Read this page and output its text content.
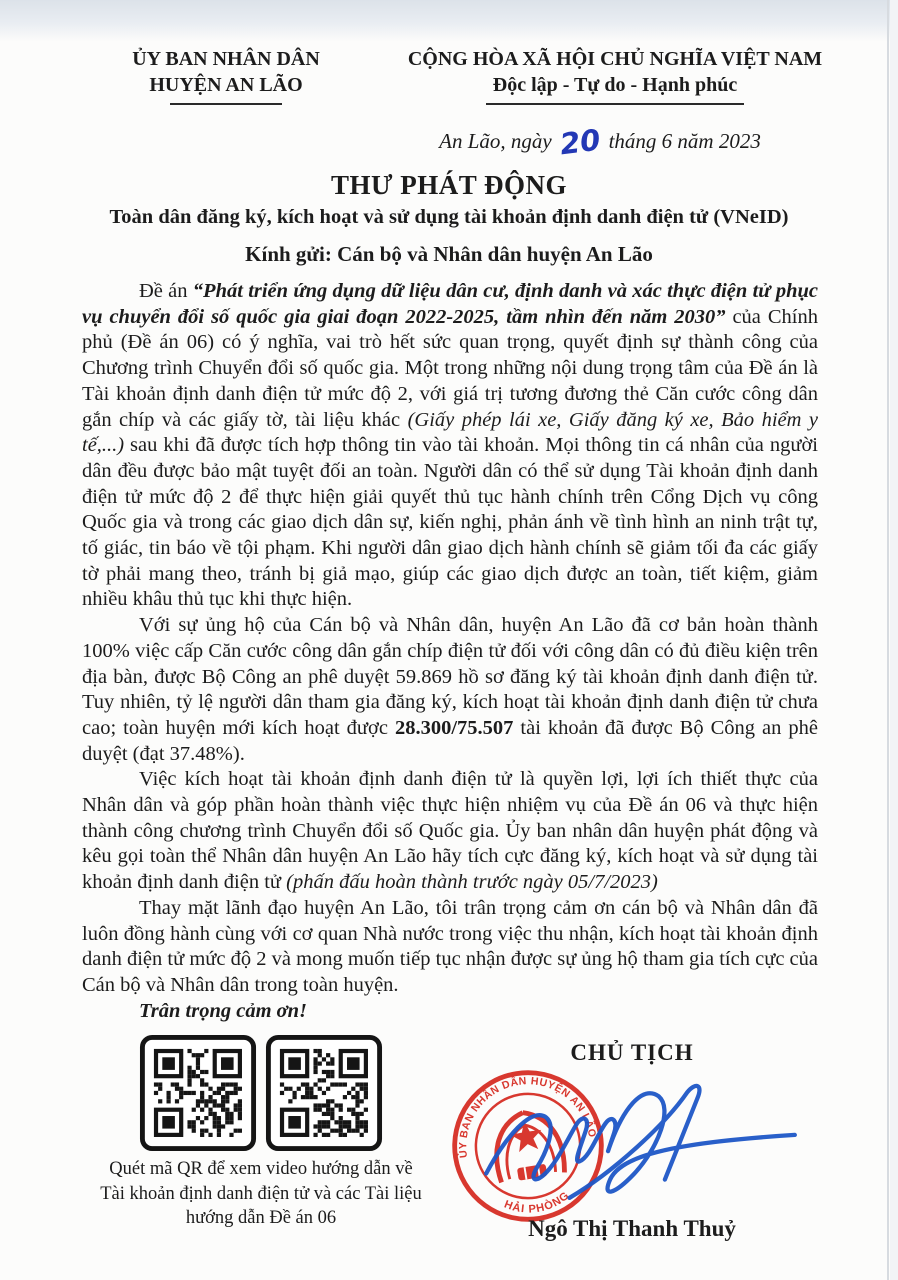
ỦY BAN NHÂN DÂN
HUYỆN AN LÃO
CỘNG HÒA XÃ HỘI CHỦ NGHĨA VIỆT NAM
Độc lập - Tự do - Hạnh phúc
An Lão, ngày 20 tháng 6 năm 2023
THƯ PHÁT ĐỘNG
Toàn dân đăng ký, kích hoạt và sử dụng tài khoản định danh điện tử (VNeID)
Kính gửi: Cán bộ và Nhân dân huyện An Lão

Đề án “Phát triển ứng dụng dữ liệu dân cư, định danh và xác thực điện tử phục vụ chuyển đổi số quốc gia giai đoạn 2022-2025, tầm nhìn đến năm 2030” của Chính phủ (Đề án 06) có ý nghĩa, vai trò hết sức quan trọng, quyết định sự thành công của Chương trình Chuyển đổi số quốc gia. Một trong những nội dung trọng tâm của Đề án là Tài khoản định danh điện tử mức độ 2, với giá trị tương đương thẻ Căn cước công dân gắn chíp và các giấy tờ, tài liệu khác (Giấy phép lái xe, Giấy đăng ký xe, Bảo hiểm y tế,...) sau khi đã được tích hợp thông tin vào tài khoản. Mọi thông tin cá nhân của người dân đều được bảo mật tuyệt đối an toàn. Người dân có thể sử dụng Tài khoản định danh điện tử mức độ 2 để thực hiện giải quyết thủ tục hành chính trên Cổng Dịch vụ công Quốc gia và trong các giao dịch dân sự, kiến nghị, phản ánh về tình hình an ninh trật tự, tố giác, tin báo về tội phạm. Khi người dân giao dịch hành chính sẽ giảm tối đa các giấy tờ phải mang theo, tránh bị giả mạo, giúp các giao dịch được an toàn, tiết kiệm, giảm nhiều khâu thủ tục khi thực hiện.

Với sự ủng hộ của Cán bộ và Nhân dân, huyện An Lão đã cơ bản hoàn thành 100% việc cấp Căn cước công dân gắn chíp điện tử đối với công dân có đủ điều kiện trên địa bàn, được Bộ Công an phê duyệt 59.869 hồ sơ đăng ký tài khoản định danh điện tử. Tuy nhiên, tỷ lệ người dân tham gia đăng ký, kích hoạt tài khoản định danh điện tử chưa cao; toàn huyện mới kích hoạt được 28.300/75.507 tài khoản đã được Bộ Công an phê duyệt (đạt 37.48%).

Việc kích hoạt tài khoản định danh điện tử là quyền lợi, lợi ích thiết thực của Nhân dân và góp phần hoàn thành việc thực hiện nhiệm vụ của Đề án 06 và thực hiện thành công chương trình Chuyển đổi số Quốc gia. Ủy ban nhân dân huyện phát động và kêu gọi toàn thể Nhân dân huyện An Lão hãy tích cực đăng ký, kích hoạt và sử dụng tài khoản định danh điện tử (phấn đấu hoàn thành trước ngày 05/7/2023)

Thay mặt lãnh đạo huyện An Lão, tôi trân trọng cảm ơn cán bộ và Nhân dân đã luôn đồng hành cùng với cơ quan Nhà nước trong việc thu nhận, kích hoạt tài khoản định danh điện tử mức độ 2 và mong muốn tiếp tục nhận được sự ủng hộ tham gia tích cực của Cán bộ và Nhân dân trong toàn huyện.

Trân trọng cảm ơn!

Quét mã QR để xem video hướng dẫn về Tài khoản định danh điện tử và các Tài liệu hướng dẫn Đề án 06
CHỦ TỊCH
ỦY BAN NHÂN DÂN HUYỆN AN LÃO
HẢI PHÒNG
Ngô Thị Thanh Thuỷ
